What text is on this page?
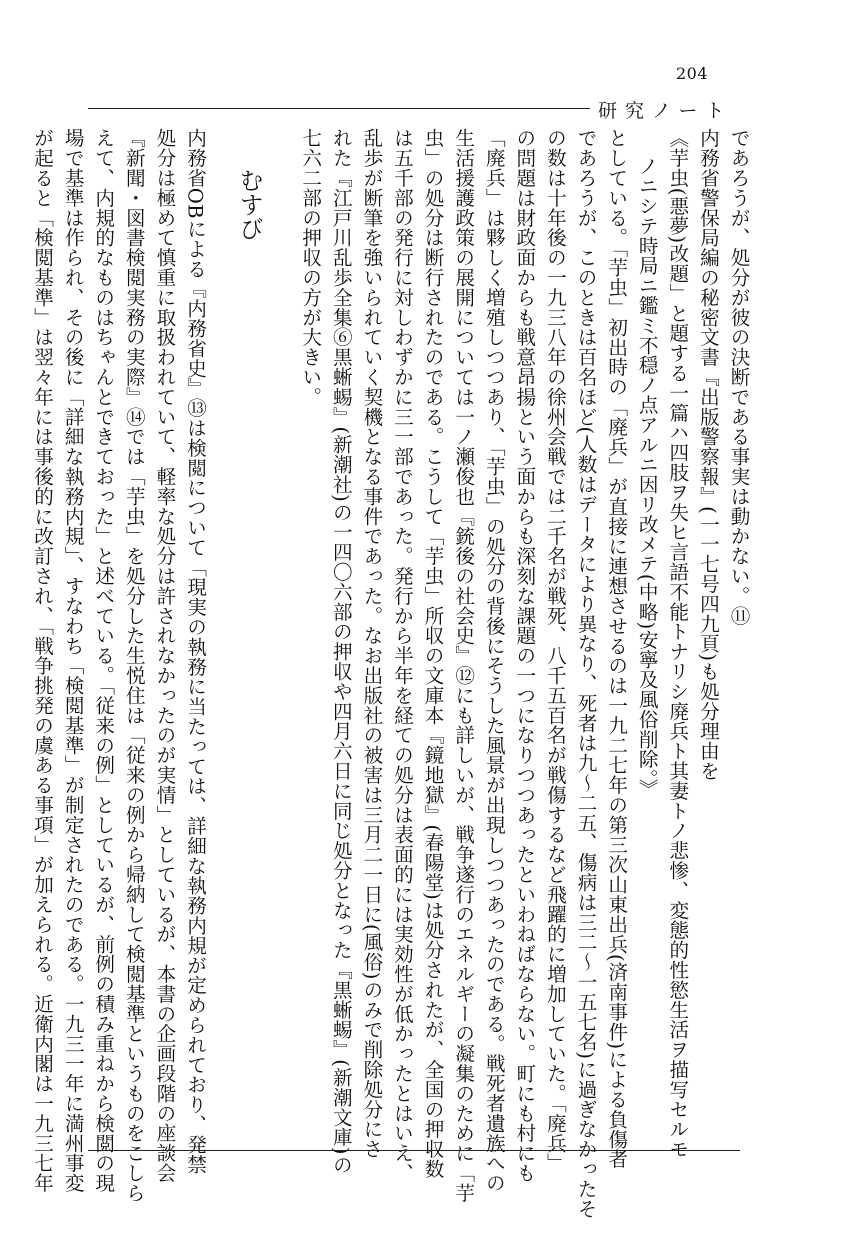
204
研究ノート
であろうが、処分が彼の決断である事実は動かない。⑪
内務省警保局編の秘密文書『出版警察報』(一一七号四九頁)も処分理由を
《芋虫(悪夢)改題」と題する一篇ハ四肢ヲ失ヒ言語不能トナリシ廃兵ト其妻トノ悲惨、変態的性慾生活ヲ描写セルモ
ノニシテ時局ニ鑑ミ不穏ノ点アルニ因リ改メテ(中略)安寧及風俗削除。》
としている。「芋虫」初出時の「廃兵」が直接に連想させるのは一九二七年の第三次山東出兵(済南事件)による負傷者
であろうが、このときは百名ほど(人数はデータにより異なり、死者は九～二五、傷病は三二～一五七名)に過ぎなかったそ
の数は十年後の一九三八年の徐州会戦では二千名が戦死、八千五百名が戦傷するなど飛躍的に増加していた。「廃兵」
の問題は財政面からも戦意昂揚という面からも深刻な課題の一つになりつつあったといわねばならない。町にも村にも
「廃兵」は夥しく増殖しつつあり、「芋虫」の処分の背後にそうした風景が出現しつつあったのである。戦死者遺族への
生活援護政策の展開については一ノ瀬俊也『銃後の社会史』⑫にも詳しいが、戦争遂行のエネルギーの凝集のために「芋
虫」の処分は断行されたのである。こうして「芋虫」所収の文庫本『鏡地獄』(春陽堂)は処分されたが、全国の押収数
は五千部の発行に対しわずかに三一部であった。発行から半年を経ての処分は表面的には実効性が低かったとはいえ、
乱歩が断筆を強いられていく契機となる事件であった。なお出版社の被害は三月二一日に(風俗)のみで削除処分にさ
れた『江戸川乱歩全集⑥黒蜥蜴』(新潮社)の一四〇六部の押収や四月六日に同じ処分となった『黒蜥蜴』(新潮文庫)の
七六二部の押収の方が大きい。
むすび
内務省OBによる『内務省史』⑬は検閲について「現実の執務に当たっては、詳細な執務内規が定められており、発禁
処分は極めて慎重に取扱われていて、軽率な処分は許されなかったのが実情」としているが、本書の企画段階の座談会
『新聞・図書検閲実務の実際』⑭では「芋虫」を処分した生悦住は「従来の例から帰納して検閲基準というものをこしら
えて、内規的なものはちゃんとできておった」と述べている。「従来の例」としているが、前例の積み重ねから検閲の現
場で基準は作られ、その後に「詳細な執務内規」、すなわち「検閲基準」が制定されたのである。一九三一年に満州事変
が起ると「検閲基準」は翌々年には事後的に改訂され、「戦争挑発の虞ある事項」が加えられる。近衛内閣は一九三七年
